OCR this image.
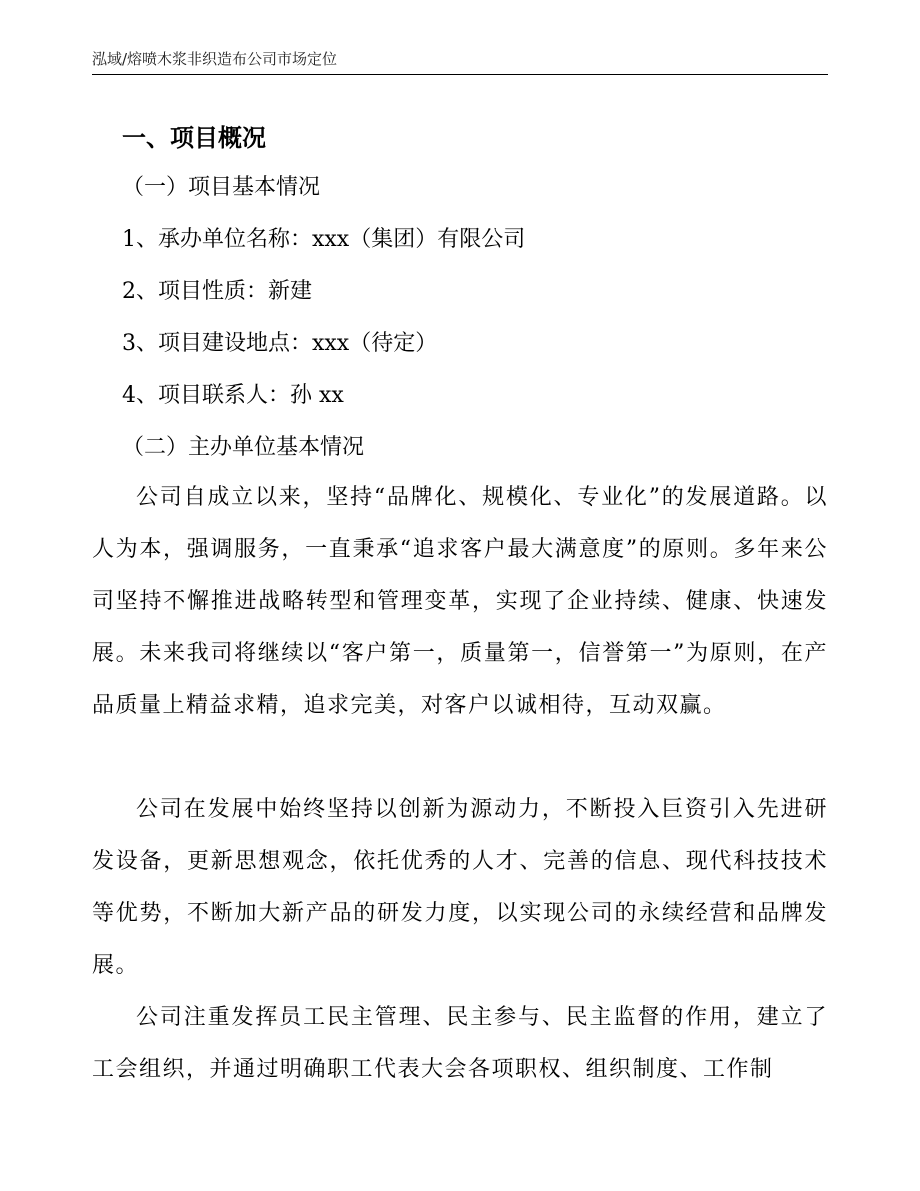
泓域/熔喷木浆非织造布公司市场定位
一、项目概况
（一）项目基本情况
1、承办单位名称：xxx（集团）有限公司
2、项目性质：新建
3、项目建设地点：xxx（待定）
4、项目联系人：孙 xx
（二）主办单位基本情况

公司自成立以来，坚持“品牌化、规模化、专业化”的发展道路。以人为本，强调服务，一直秉承“追求客户最大满意度”的原则。多年来公司坚持不懈推进战略转型和管理变革，实现了企业持续、健康、快速发展。未来我司将继续以“客户第一，质量第一，信誉第一”为原则，在产品质量上精益求精，追求完美，对客户以诚相待，互动双赢。

公司在发展中始终坚持以创新为源动力，不断投入巨资引入先进研发设备，更新思想观念，依托优秀的人才、完善的信息、现代科技技术等优势，不断加大新产品的研发力度，以实现公司的永续经营和品牌发展。

公司注重发挥员工民主管理、民主参与、民主监督的作用，建立了工会组织，并通过明确职工代表大会各项职权、组织制度、工作制
